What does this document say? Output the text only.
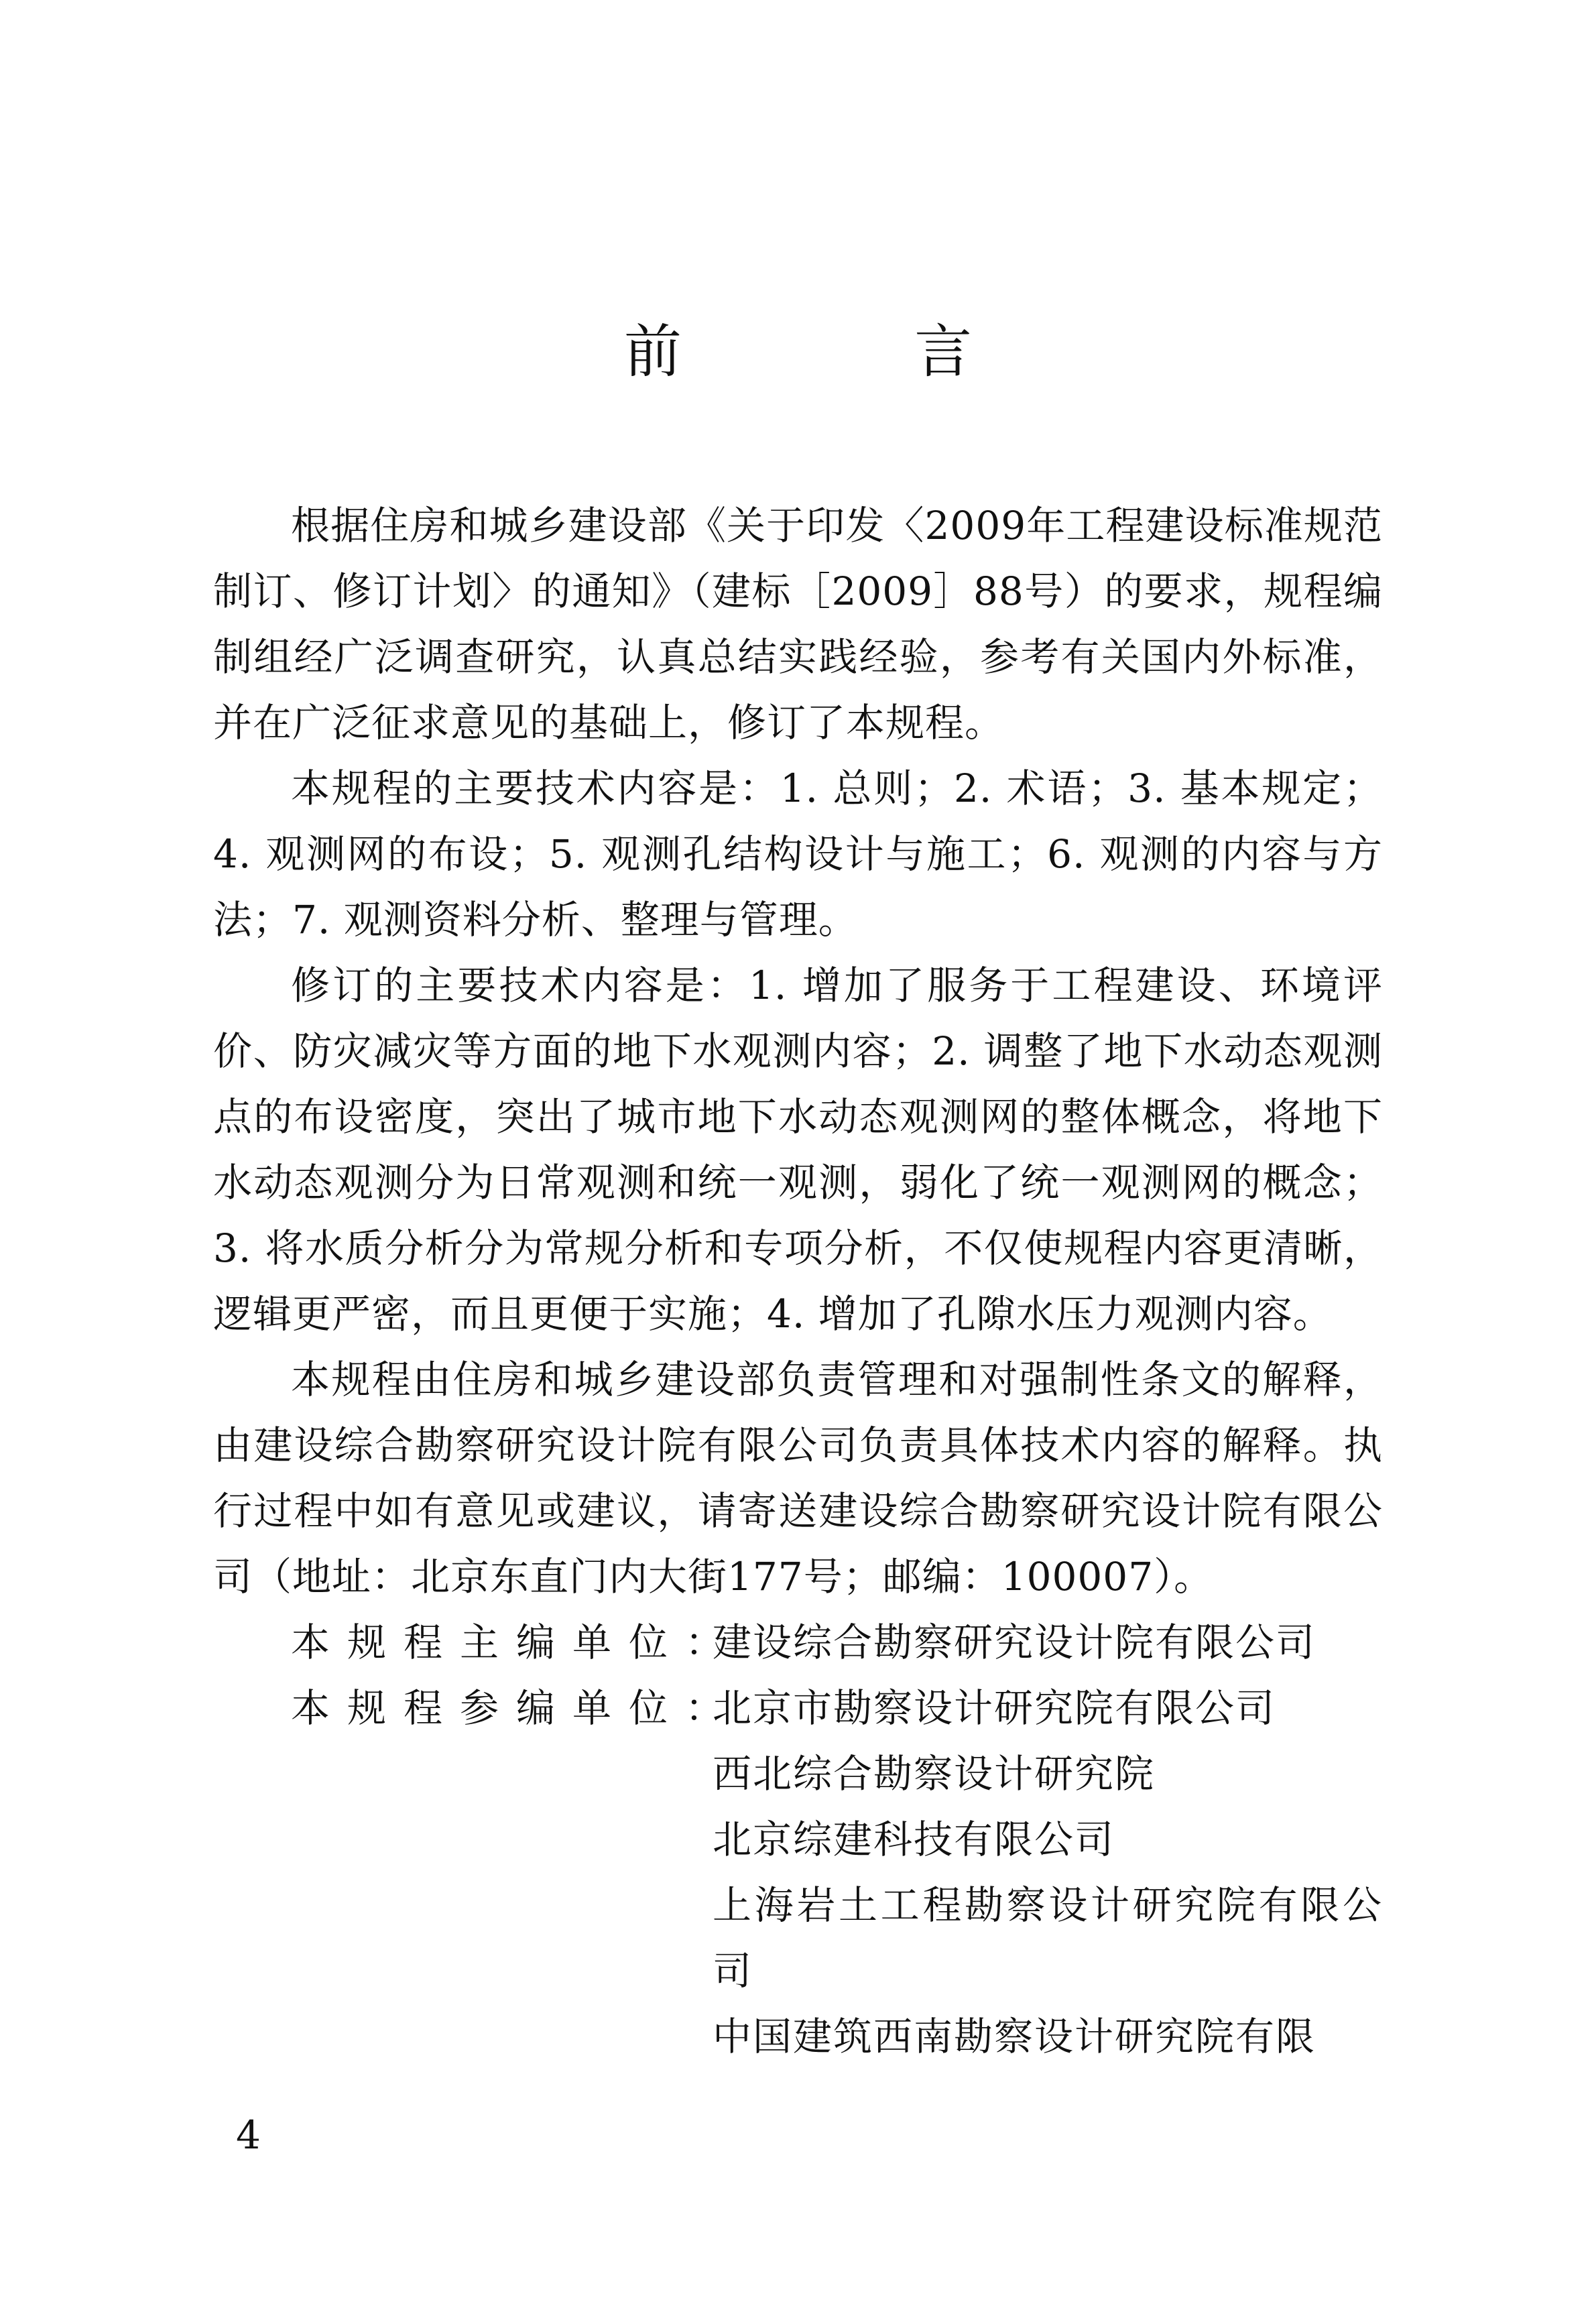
前 言

根据住房和城乡建设部《关于印发〈2009年工程建设标准规范制订、修订计划〉的通知》（建标［2009］88号）的要求，规程编制组经广泛调查研究，认真总结实践经验，参考有关国内外标准，并在广泛征求意见的基础上，修订了本规程。

本规程的主要技术内容是：1. 总则；2. 术语；3. 基本规定；4. 观测网的布设；5. 观测孔结构设计与施工；6. 观测的内容与方法；7. 观测资料分析、整理与管理。

修订的主要技术内容是：1. 增加了服务于工程建设、环境评价、防灾减灾等方面的地下水观测内容；2. 调整了地下水动态观测点的布设密度，突出了城市地下水动态观测网的整体概念，将地下水动态观测分为日常观测和统一观测，弱化了统一观测网的概念；3. 将水质分析分为常规分析和专项分析，不仅使规程内容更清晰，逻辑更严密，而且更便于实施；4. 增加了孔隙水压力观测内容。

本规程由住房和城乡建设部负责管理和对强制性条文的解释，由建设综合勘察研究设计院有限公司负责具体技术内容的解释。执行过程中如有意见或建议，请寄送建设综合勘察研究设计院有限公司（地址：北京东直门内大街177号；邮编：100007）。

本规程主编单位：
建设综合勘察研究设计院有限公司
本规程参编单位：
北京市勘察设计研究院有限公司
西北综合勘察设计研究院
北京综建科技有限公司
上海岩土工程勘察设计研究院有限公司
中国建筑西南勘察设计研究院有限
4
